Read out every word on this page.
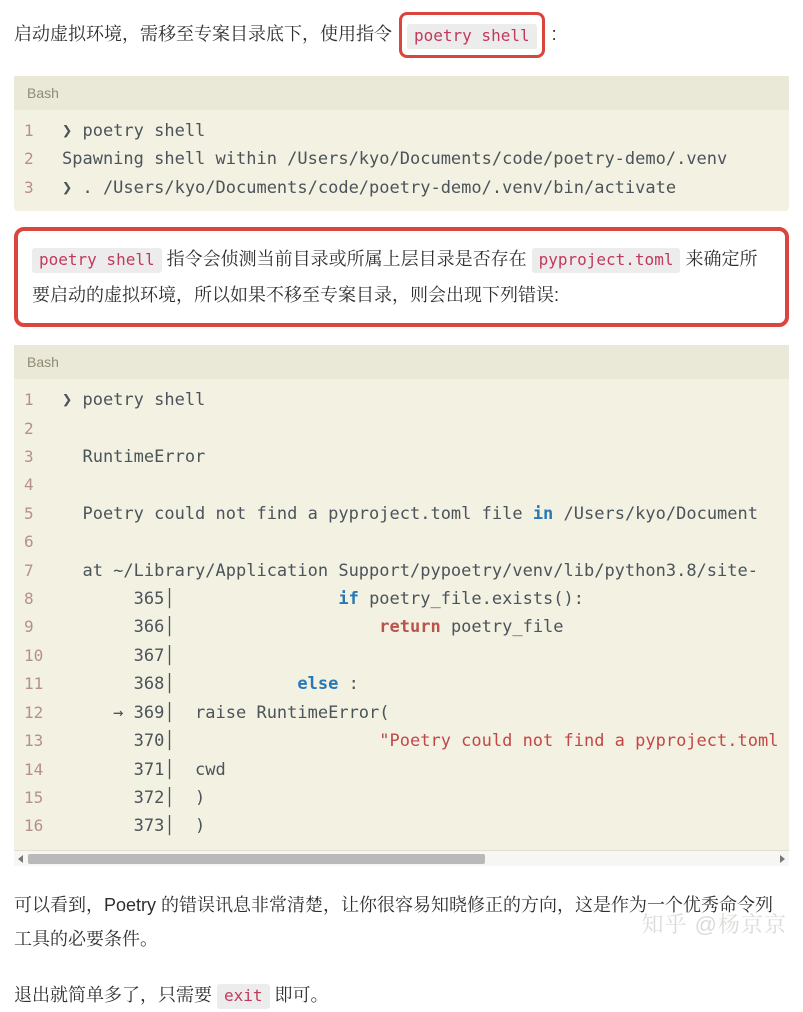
启动虚拟环境，需移至专案目录底下，使用指令 poetry shell :

Bash
1	❯ poetry shell
2	Spawning shell within /Users/kyo/Documents/code/poetry-demo/.venv
3	❯ . /Users/kyo/Documents/code/poetry-demo/.venv/bin/activate
poetry shell 指令会侦测当前目录或所属上层目录是否存在 pyproject.toml 来确定所要启动的虚拟环境，所以如果不移至专案目录，则会出现下列错误:
Bash
1	❯ poetry shell
2

3	RuntimeError
4

5	Poetry could not find a pyproject.toml file in /Users/kyo/Document
6

7	at ~/Library/Application Support/pypoetry/venv/lib/python3.8/site-
8	365│                if poetry_file.exists():
9	366│                    return poetry_file
10	367│
11	368│            else :
12	→ 369│  raise RuntimeError(
13	370│                    "Poetry could not find a pyproject.toml
14	371│  cwd
15	372│  )
16	373│  )

可以看到，Poetry 的错误讯息非常清楚，让你很容易知晓修正的方向，这是作为一个优秀命令列工具的必要条件。

退出就简单多了，只需要 exit 即可。

知乎 @杨京京
